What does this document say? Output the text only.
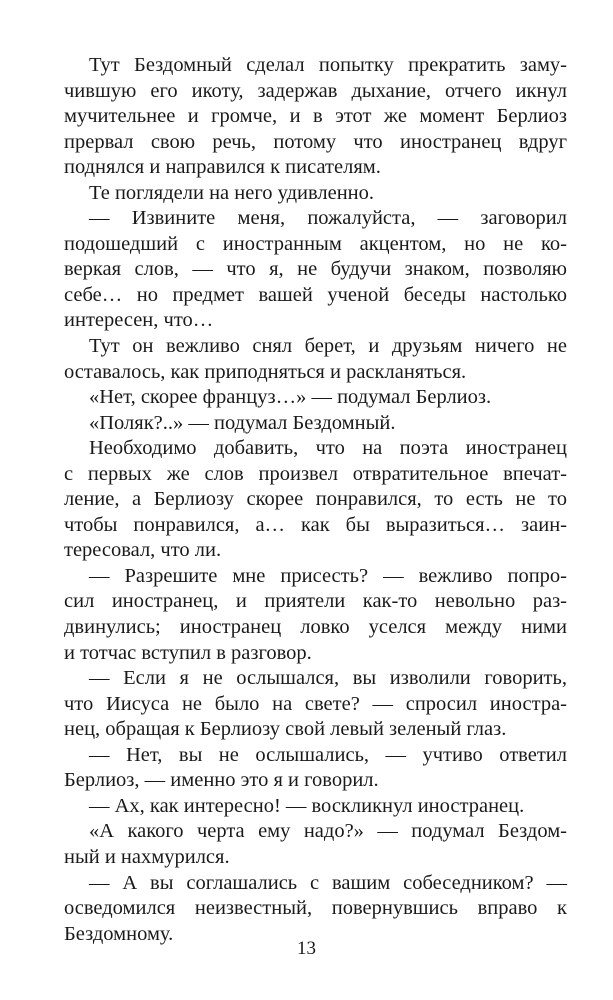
Тут Бездомный сделал попытку прекратить заму-
чившую его икоту, задержав дыхание, отчего икнул
мучительнее и громче, и в этот же момент Берлиоз
прервал свою речь, потому что иностранец вдруг
поднялся и направился к писателям.
Те поглядели на него удивленно.
— Извините меня, пожалуйста, — заговорил
подошедший с иностранным акцентом, но не ко-
веркая слов, — что я, не будучи знаком, позволяю
себе… но предмет вашей ученой беседы настолько
интересен, что…
Тут он вежливо снял берет, и друзьям ничего не
оставалось, как приподняться и раскланяться.
«Нет, скорее француз…» — подумал Берлиоз.
«Поляк?..» — подумал Бездомный.
Необходимо добавить, что на поэта иностранец
с первых же слов произвел отвратительное впечат-
ление, а Берлиозу скорее понравился, то есть не то
чтобы понравился, а… как бы выразиться… заин-
тересовал, что ли.
— Разрешите мне присесть? — вежливо попро-
сил иностранец, и приятели как-то невольно раз-
двинулись; иностранец ловко уселся между ними
и тотчас вступил в разговор.
— Если я не ослышался, вы изволили говорить,
что Иисуса не было на свете? — спросил иностра-
нец, обращая к Берлиозу свой левый зеленый глаз.
— Нет, вы не ослышались, — учтиво ответил
Берлиоз, — именно это я и говорил.
— Ах, как интересно! — воскликнул иностранец.
«А какого черта ему надо?» — подумал Бездом-
ный и нахмурился.
— А вы соглашались с вашим собеседником? —
осведомился неизвестный, повернувшись вправо к
Бездомному.
13
